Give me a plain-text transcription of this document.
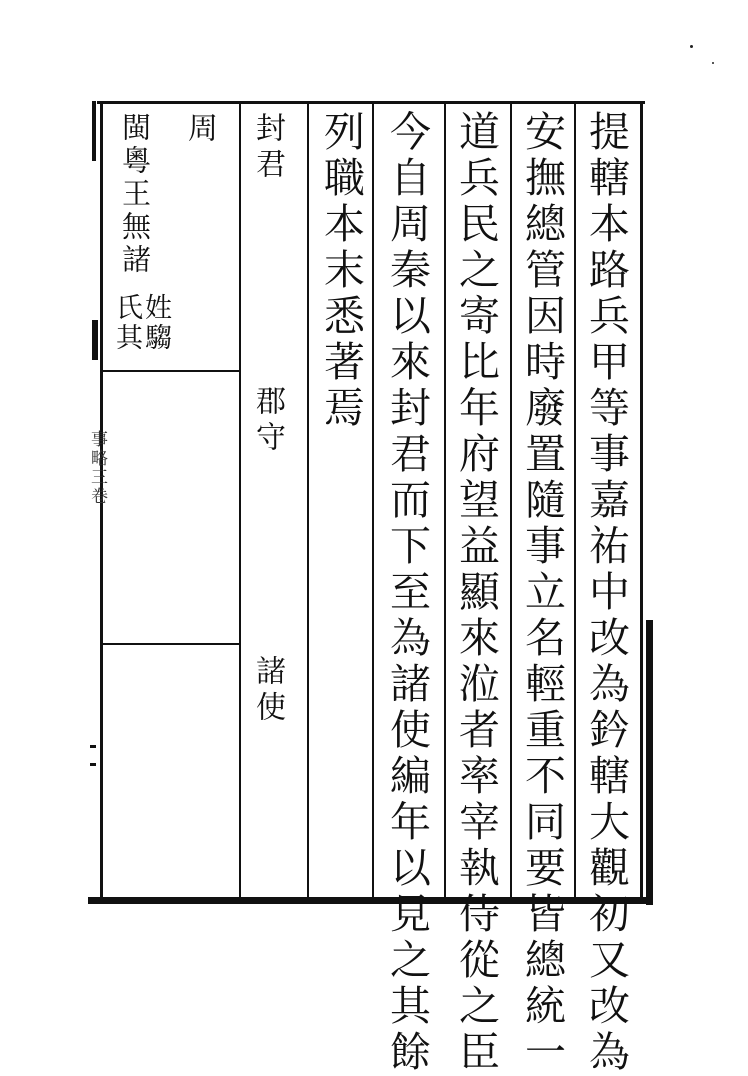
提轄本路兵甲等事嘉祐中改為鈐轄大觀初又改為
安撫總管因時廢置隨事立名輕重不同要皆總統一
道兵民之寄比年府望益顯來涖者率宰執侍從之臣
今自周秦以來封君而下至為諸使編年以見之其餘
列職本末悉著焉
封君
郡守
諸使
周
閩粵王無諸
姓騶
氏其
事略三卷
